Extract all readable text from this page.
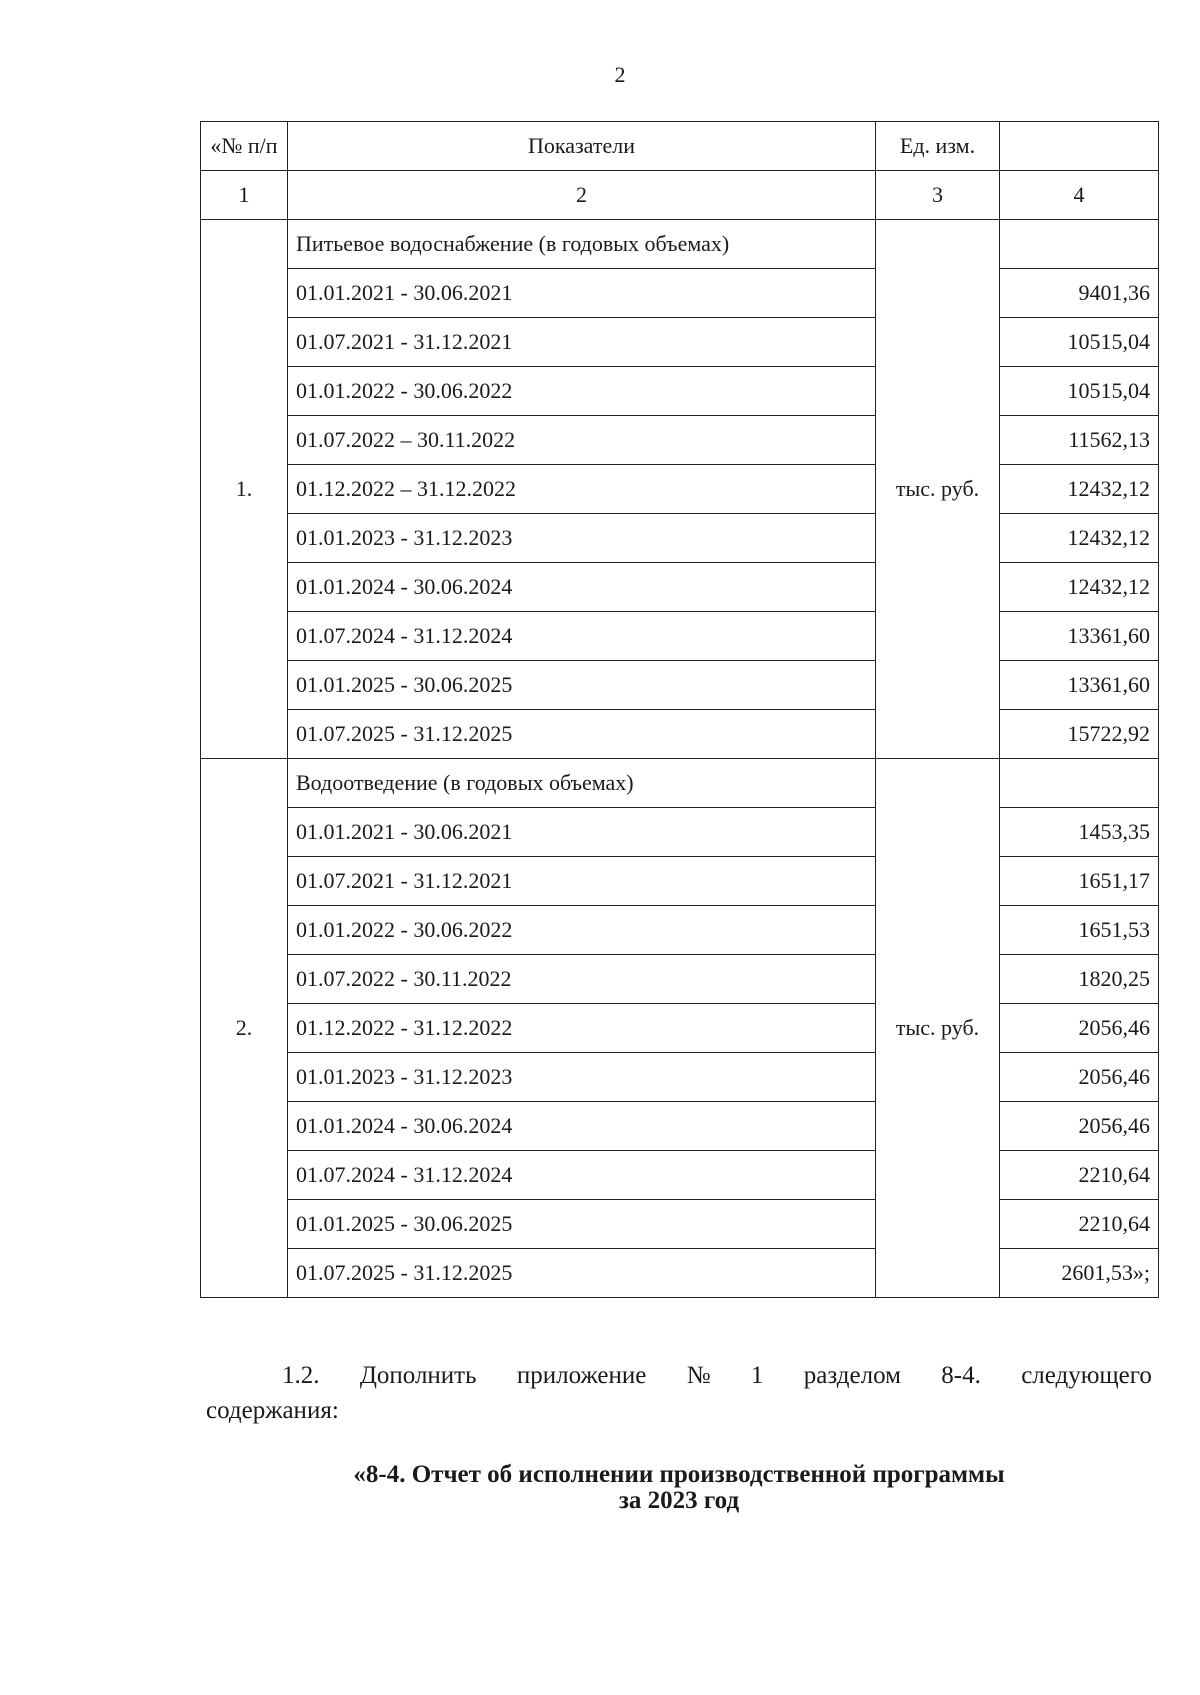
2
«№ п/п	Показатели	Ед. изм.	
1	2	3	4
1.	Питьевое водоснабжение (в годовых объемах)	тыс. руб.	
	01.01.2021 - 30.06.2021		9401,36
	01.07.2021 - 31.12.2021		10515,04
	01.01.2022 - 30.06.2022		10515,04
	01.07.2022 – 30.11.2022		11562,13
	01.12.2022 – 31.12.2022		12432,12
	01.01.2023 - 31.12.2023		12432,12
	01.01.2024 - 30.06.2024		12432,12
	01.07.2024 - 31.12.2024		13361,60
	01.01.2025 - 30.06.2025		13361,60
	01.07.2025 - 31.12.2025		15722,92
2.	Водоотведение (в годовых объемах)	тыс. руб.	
	01.01.2021 - 30.06.2021		1453,35
	01.07.2021 - 31.12.2021		1651,17
	01.01.2022 - 30.06.2022		1651,53
	01.07.2022 - 30.11.2022		1820,25
	01.12.2022 - 31.12.2022		2056,46
	01.01.2023 - 31.12.2023		2056,46
	01.01.2024 - 30.06.2024		2056,46
	01.07.2024 - 31.12.2024		2210,64
	01.01.2025 - 30.06.2025		2210,64
	01.07.2025 - 31.12.2025		2601,53»;
1.2. Дополнить приложение № 1 разделом 8-4. следующего
содержания:
«8-4. Отчет об исполнении производственной программы
за 2023 год
